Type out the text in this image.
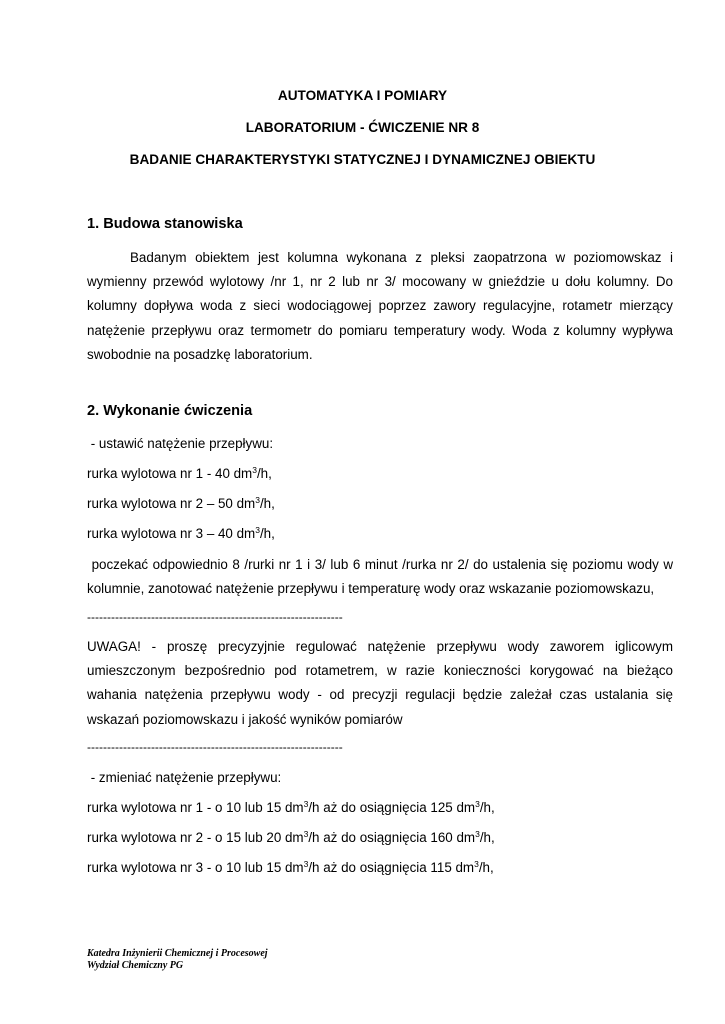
AUTOMATYKA I POMIARY
LABORATORIUM - ĆWICZENIE NR 8
BADANIE CHARAKTERYSTYKI STATYCZNEJ I DYNAMICZNEJ OBIEKTU
1. Budowa stanowiska
Badanym obiektem jest kolumna wykonana z pleksi zaopatrzona w poziomowskaz i wymienny przewód wylotowy /nr 1, nr 2 lub nr 3/ mocowany w gnieździe u dołu kolumny. Do kolumny dopływa woda z sieci wodociągowej poprzez zawory regulacyjne, rotametr mierzący natężenie przepływu oraz termometr do pomiaru temperatury wody. Woda z kolumny wypływa swobodnie na posadzkę laboratorium.
2. Wykonanie ćwiczenia
- ustawić natężenie przepływu:
rurka wylotowa nr 1 - 40 $dm^3/h$,
rurka wylotowa nr 2 – 50 $dm^3/h$,
rurka wylotowa nr 3 – 40 $dm^3/h$,
poczekać odpowiednio 8 /rurki nr 1 i 3/ lub 6 minut /rurka nr 2/ do ustalenia się poziomu wody w kolumnie, zanotować natężenie przepływu i temperaturę wody oraz wskazanie poziomowskazu,
----------------------------------------------------------------
UWAGA! - proszę precyzyjnie regulować natężenie przepływu wody zaworem iglicowym umieszczonym bezpośrednio pod rotametrem, w razie konieczności korygować na bieżąco wahania natężenia przepływu wody - od precyzji regulacji będzie zależał czas ustalania się wskazań poziomowskazu i jakość wyników pomiarów
----------------------------------------------------------------
- zmieniać natężenie przepływu:
rurka wylotowa nr 1 - o 10 lub 15 $dm^3/h$ aż do osiągnięcia 125 $dm^3/h$,
rurka wylotowa nr 2 - o 15 lub 20 $dm^3/h$ aż do osiągnięcia 160 $dm^3/h$,
rurka wylotowa nr 3 - o 10 lub 15 $dm^3/h$ aż do osiągnięcia 115 $dm^3/h$,
Katedra Inżynierii Chemicznej i Procesowej
Wydział Chemiczny PG
